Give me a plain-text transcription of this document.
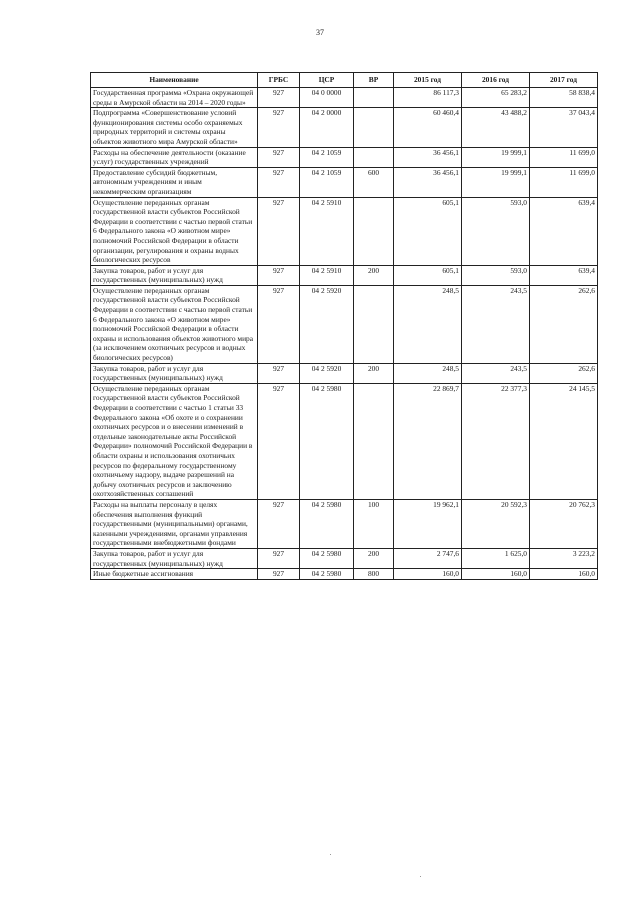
37
Наименование	ГРБС	ЦСР	ВР	2015 год	2016 год	2017 год
Государственная программа «Охрана окружающей среды в Амурской области на 2014 – 2020 годы»	927	04 0 0000		86 117,3	65 283,2	58 838,4
Подпрограмма «Совершенствование условий функционирования системы особо охраняемых природных территорий и системы охраны объектов животного мира Амурской области»	927	04 2 0000		60 460,4	43 488,2	37 043,4
Расходы на обеспечение деятельности (оказание услуг) государственных учреждений	927	04 2 1059		36 456,1	19 999,1	11 699,0
Предоставление субсидий бюджетным, автономным учреждениям и иным некоммерческим организациям	927	04 2 1059	600	36 456,1	19 999,1	11 699,0
Осуществление переданных органам государственной власти субъектов Российской Федерации в соответствии с частью первой статьи 6 Федерального закона «О животном мире» полномочий Российской Федерации в области организации, регулирования и охраны водных биологических ресурсов	927	04 2 5910		605,1	593,0	639,4
Закупка товаров, работ и услуг для государственных (муниципальных) нужд	927	04 2 5910	200	605,1	593,0	639,4
Осуществление переданных органам государственной власти субъектов Российской Федерации в соответствии с частью первой статьи 6 Федерального закона «О животном мире» полномочий Российской Федерации в области охраны и использования объектов животного мира (за исключением охотничьих ресурсов и водных биологических ресурсов)	927	04 2 5920		248,5	243,5	262,6
Закупка товаров, работ и услуг для государственных (муниципальных) нужд	927	04 2 5920	200	248,5	243,5	262,6
Осуществление переданных органам государственной власти субъектов Российской Федерации в соответствии с частью 1 статьи 33 Федерального закона «Об охоте и о сохранении охотничьих ресурсов и о внесении изменений в отдельные законодательные акты Российской Федерации» полномочий Российской Федерации в области охраны и использования охотничьих ресурсов по федеральному государственному охотничьему надзору, выдаче разрешений на добычу охотничьих ресурсов и заключению охотхозяйственных соглашений	927	04 2 5980		22 869,7	22 377,3	24 145,5
Расходы на выплаты персоналу в целях обеспечения выполнения функций государственными (муниципальными) органами, казенными учреждениями, органами управления государственными внебюджетными фондами	927	04 2 5980	100	19 962,1	20 592,3	20 762,3
Закупка товаров, работ и услуг для государственных (муниципальных) нужд	927	04 2 5980	200	2 747,6	1 625,0	3 223,2
Иные бюджетные ассигнования	927	04 2 5980	800	160,0	160,0	160,0
